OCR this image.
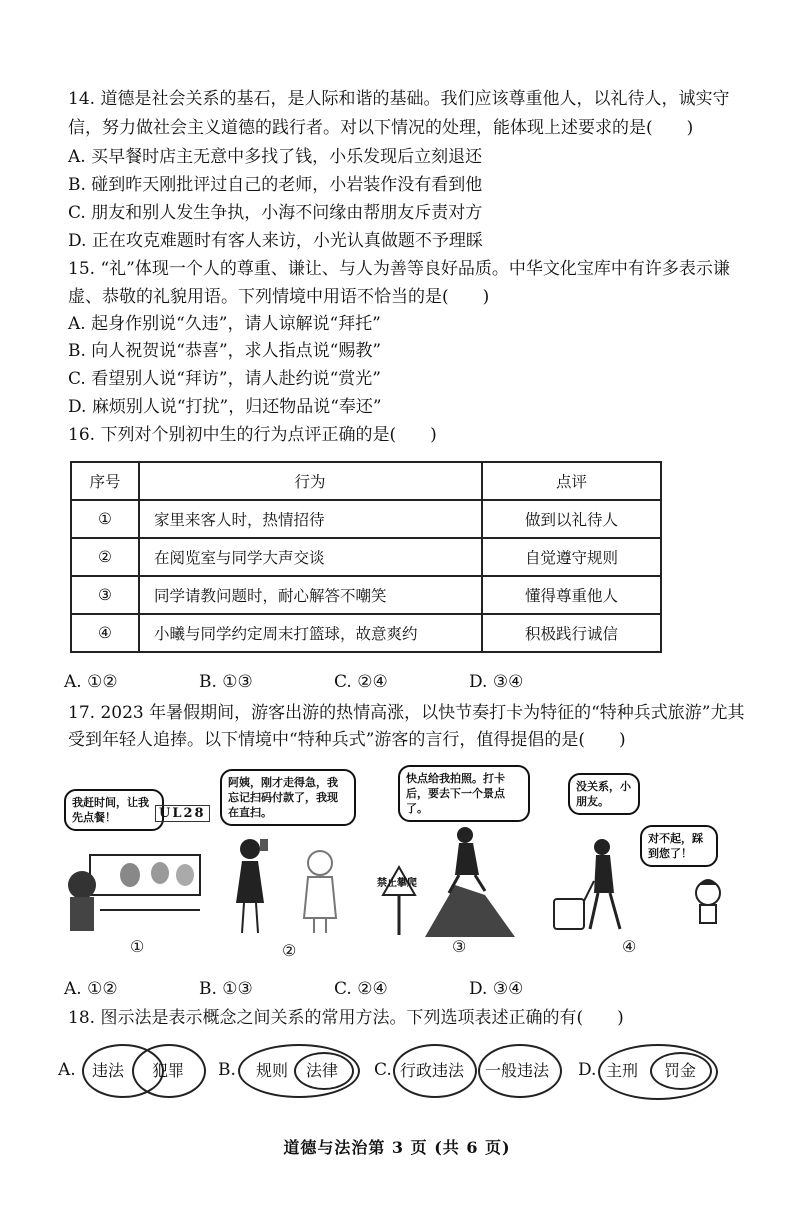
14. 道德是社会关系的基石，是人际和谐的基础。我们应该尊重他人，以礼待人，诚实守
信，努力做社会主义道德的践行者。对以下情况的处理，能体现上述要求的是(　　)
A. 买早餐时店主无意中多找了钱，小乐发现后立刻退还
B. 碰到昨天刚批评过自己的老师，小岩装作没有看到他
C. 朋友和别人发生争执，小海不问缘由帮朋友斥责对方
D. 正在攻克难题时有客人来访，小光认真做题不予理睬
15. “礼”体现一个人的尊重、谦让、与人为善等良好品质。中华文化宝库中有许多表示谦
虚、恭敬的礼貌用语。下列情境中用语不恰当的是(　　)
A. 起身作别说“久违”，请人谅解说“拜托”
B. 向人祝贺说“恭喜”，求人指点说“赐教”
C. 看望别人说“拜访”，请人赴约说“赏光”
D. 麻烦别人说“打扰”，归还物品说“奉还”
16. 下列对个别初中生的行为点评正确的是(　　)
序号	行为	点评
①	家里来客人时，热情招待	做到以礼待人
②	在阅览室与同学大声交谈	自觉遵守规则
③	同学请教问题时，耐心解答不嘲笑	懂得尊重他人
④	小曦与同学约定周末打篮球，故意爽约	积极践行诚信
A. ①②	B. ①③	C. ②④	D. ③④
17. 2023 年暑假期间，游客出游的热情高涨，以快节奏打卡为特征的“特种兵式旅游”尤其
受到年轻人追捧。以下情境中“特种兵式”游客的言行，值得提倡的是(　　)
我赶时间，让我先点餐！	UL28
①
阿姨，刚才走得急，我忘记扫码付款了，我现在直扫。
②
快点给我拍照。打卡后，要去下一个景点了。
禁止攀爬
③
没关系，小朋友。
对不起，踩到您了！
④
A. ①②	B. ①③	C. ②④	D. ③④
18. 图示法是表示概念之间关系的常用方法。下列选项表述正确的有(　　)
A. 违法 犯罪 B. 规则 法律 C. 行政违法 一般违法 D. 主刑 罚金
道德与法治第 3 页 (共 6 页)
